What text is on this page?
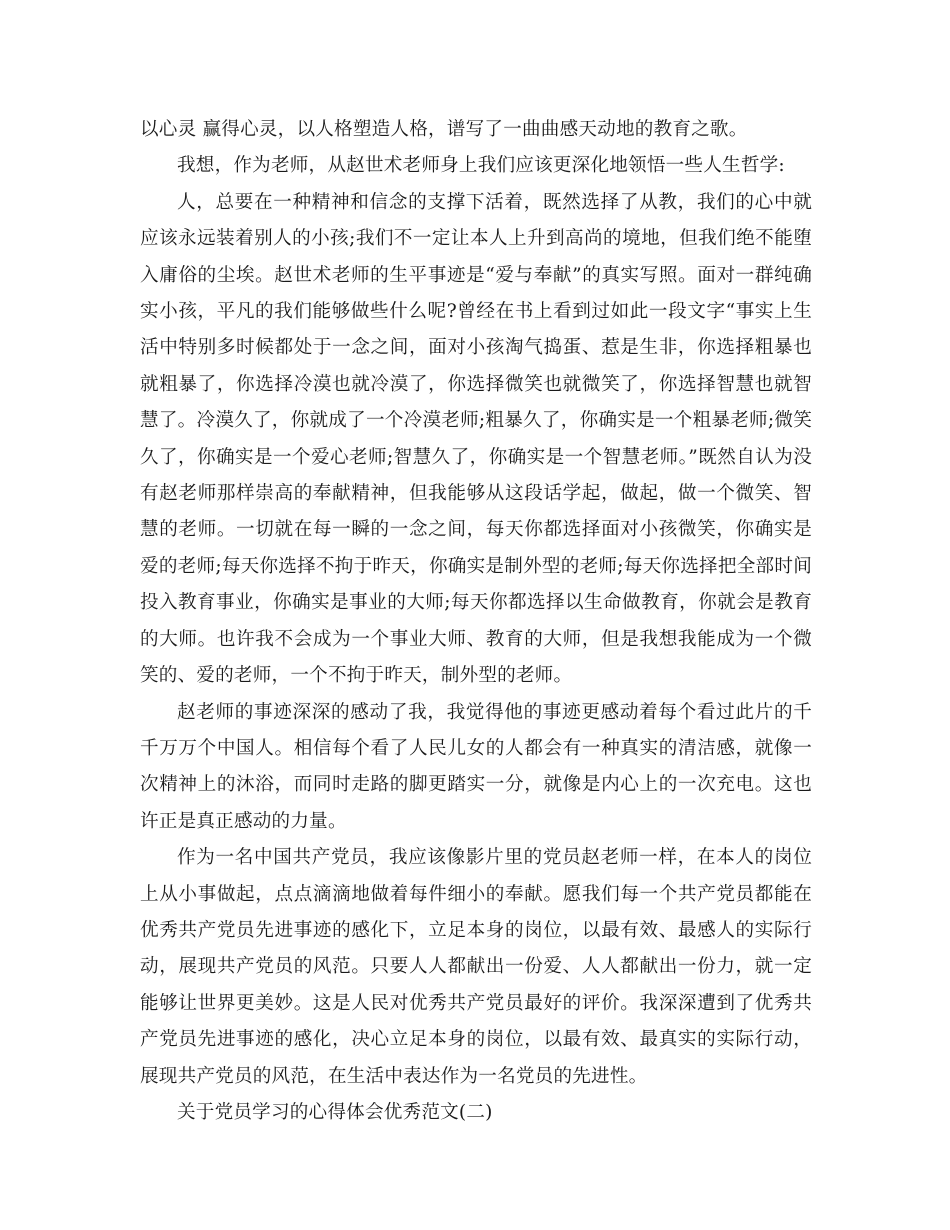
以心灵 赢得心灵，以人格塑造人格，谱写了一曲曲感天动地的教育之歌。

我想，作为老师，从赵世术老师身上我们应该更深化地领悟一些人生哲学:

人，总要在一种精神和信念的支撑下活着，既然选择了从教，我们的心中就应该永远装着别人的小孩;我们不一定让本人上升到高尚的境地，但我们绝不能堕入庸俗的尘埃。赵世术老师的生平事迹是“爱与奉献”的真实写照。面对一群纯确实小孩，平凡的我们能够做些什么呢?曾经在书上看到过如此一段文字“事实上生活中特别多时候都处于一念之间，面对小孩淘气捣蛋、惹是生非，你选择粗暴也就粗暴了，你选择冷漠也就冷漠了，你选择微笑也就微笑了，你选择智慧也就智慧了。冷漠久了，你就成了一个冷漠老师;粗暴久了，你确实是一个粗暴老师;微笑久了，你确实是一个爱心老师;智慧久了，你确实是一个智慧老师。”既然自认为没有赵老师那样崇高的奉献精神，但我能够从这段话学起，做起，做一个微笑、智慧的老师。一切就在每一瞬的一念之间，每天你都选择面对小孩微笑，你确实是爱的老师;每天你选择不拘于昨天，你确实是制外型的老师;每天你选择把全部时间投入教育事业，你确实是事业的大师;每天你都选择以生命做教育，你就会是教育的大师。也许我不会成为一个事业大师、教育的大师，但是我想我能成为一个微笑的、爱的老师，一个不拘于昨天，制外型的老师。

赵老师的事迹深深的感动了我，我觉得他的事迹更感动着每个看过此片的千千万万个中国人。相信每个看了人民儿女的人都会有一种真实的清洁感，就像一次精神上的沐浴，而同时走路的脚更踏实一分，就像是内心上的一次充电。这也许正是真正感动的力量。

作为一名中国共产党员，我应该像影片里的党员赵老师一样，在本人的岗位上从小事做起，点点滴滴地做着每件细小的奉献。愿我们每一个共产党员都能在优秀共产党员先进事迹的感化下，立足本身的岗位，以最有效、最感人的实际行动，展现共产党员的风范。只要人人都献出一份爱、人人都献出一份力，就一定能够让世界更美妙。这是人民对优秀共产党员最好的评价。我深深遭到了优秀共产党员先进事迹的感化，决心立足本身的岗位，以最有效、最真实的实际行动，展现共产党员的风范，在生活中表达作为一名党员的先进性。

关于党员学习的心得体会优秀范文(二)
